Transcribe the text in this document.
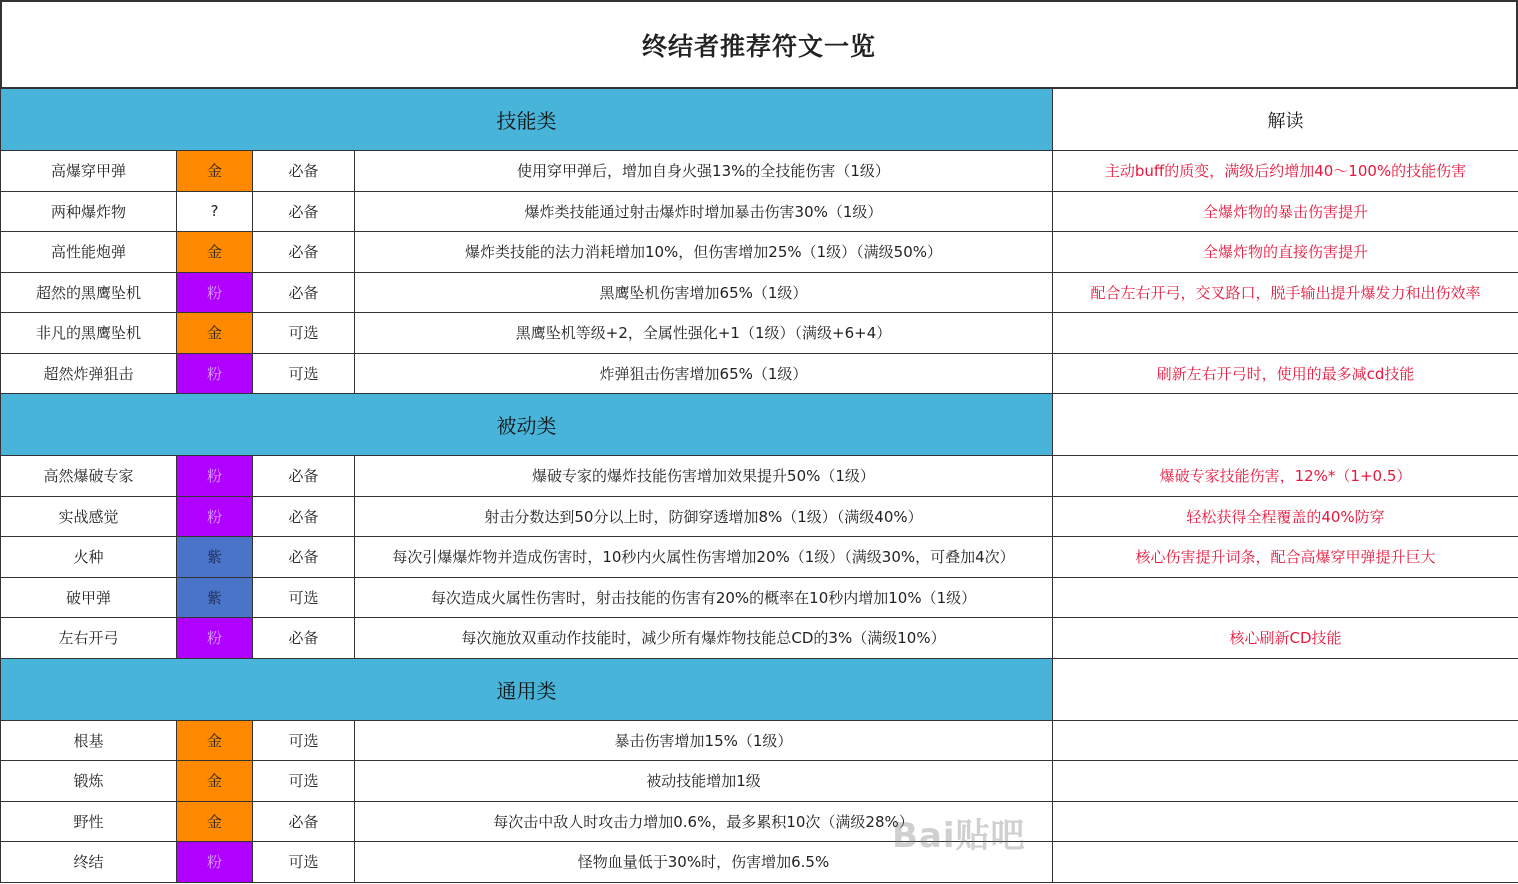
终结者推荐符文一览
技能类				解读
高爆穿甲弹	金	必备	使用穿甲弹后，增加自身火强13%的全技能伤害（1级）	主动buff的质变，满级后约增加40～100%的技能伤害
两种爆炸物	?	必备	爆炸类技能通过射击爆炸时增加暴击伤害30%（1级）	全爆炸物的暴击伤害提升
高性能炮弹	金	必备	爆炸类技能的法力消耗增加10%，但伤害增加25%（1级）（满级50%）	全爆炸物的直接伤害提升
超然的黑鹰坠机	粉	必备	黑鹰坠机伤害增加65%（1级）	配合左右开弓，交叉路口，脱手输出提升爆发力和出伤效率
非凡的黑鹰坠机	金	可选	黑鹰坠机等级+2，全属性强化+1（1级）（满级+6+4）	
超然炸弹狙击	粉	可选	炸弹狙击伤害增加65%（1级）	刷新左右开弓时，使用的最多减cd技能
被动类				
高然爆破专家	粉	必备	爆破专家的爆炸技能伤害增加效果提升50%（1级）	爆破专家技能伤害，12%*（1+0.5）
实战感觉	粉	必备	射击分数达到50分以上时，防御穿透增加8%（1级）（满级40%）	轻松获得全程覆盖的40%防穿
火种	紫	必备	每次引爆爆炸物并造成伤害时，10秒内火属性伤害增加20%（1级）（满级30%，可叠加4次）	核心伤害提升词条，配合高爆穿甲弹提升巨大
破甲弹	紫	可选	每次造成火属性伤害时，射击技能的伤害有20%的概率在10秒内增加10%（1级）	
左右开弓	粉	必备	每次施放双重动作技能时，减少所有爆炸物技能总CD的3%（满级10%）	核心刷新CD技能
通用类				
根基	金	可选	暴击伤害增加15%（1级）	
锻炼	金	可选	被动技能增加1级	
野性	金	必备	每次击中敌人时攻击力增加0.6%，最多累积10次（满级28%）	
终结	粉	可选	怪物血量低于30%时，伤害增加6.5%	
Bai贴吧
